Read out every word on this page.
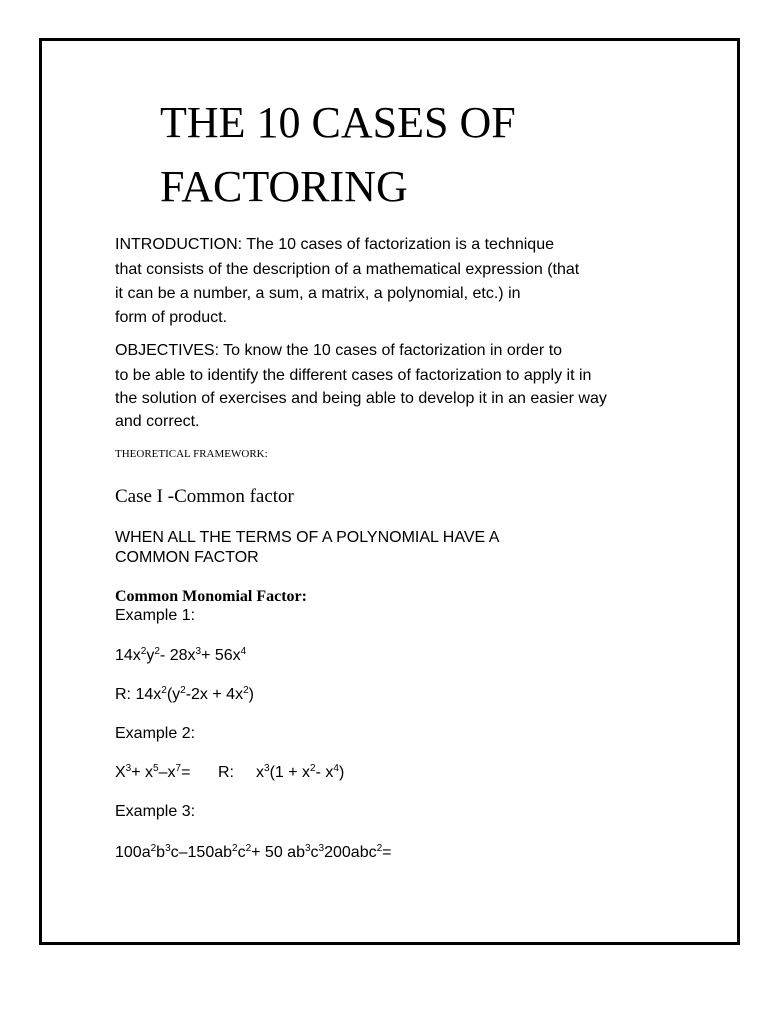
THE 10 CASES OF
FACTORING
INTRODUCTION: The 10 cases of factorization is a technique
that consists of the description of a mathematical expression (that
it can be a number, a sum, a matrix, a polynomial, etc.) in
form of product.
OBJECTIVES: To know the 10 cases of factorization in order to
to be able to identify the different cases of factorization to apply it in
the solution of exercises and being able to develop it in an easier way
and correct.
THEORETICAL FRAMEWORK:
Case I -Common factor
WHEN ALL THE TERMS OF A POLYNOMIAL HAVE A
COMMON FACTOR
Common Monomial Factor:
Example 1:
$14x^2y^2-$ $28x^3+ 56x^4$
R: $14x^2(y^2-2x + 4x^2)$
Example 2:
$X^3+ x^5-x^7= R$: $x^3(1 + x^2-$ $x^4$)
Example 3:
$100a^2b^3c-150ab^2c^2+ 50$ $ab^3c^3200abc^2=$
